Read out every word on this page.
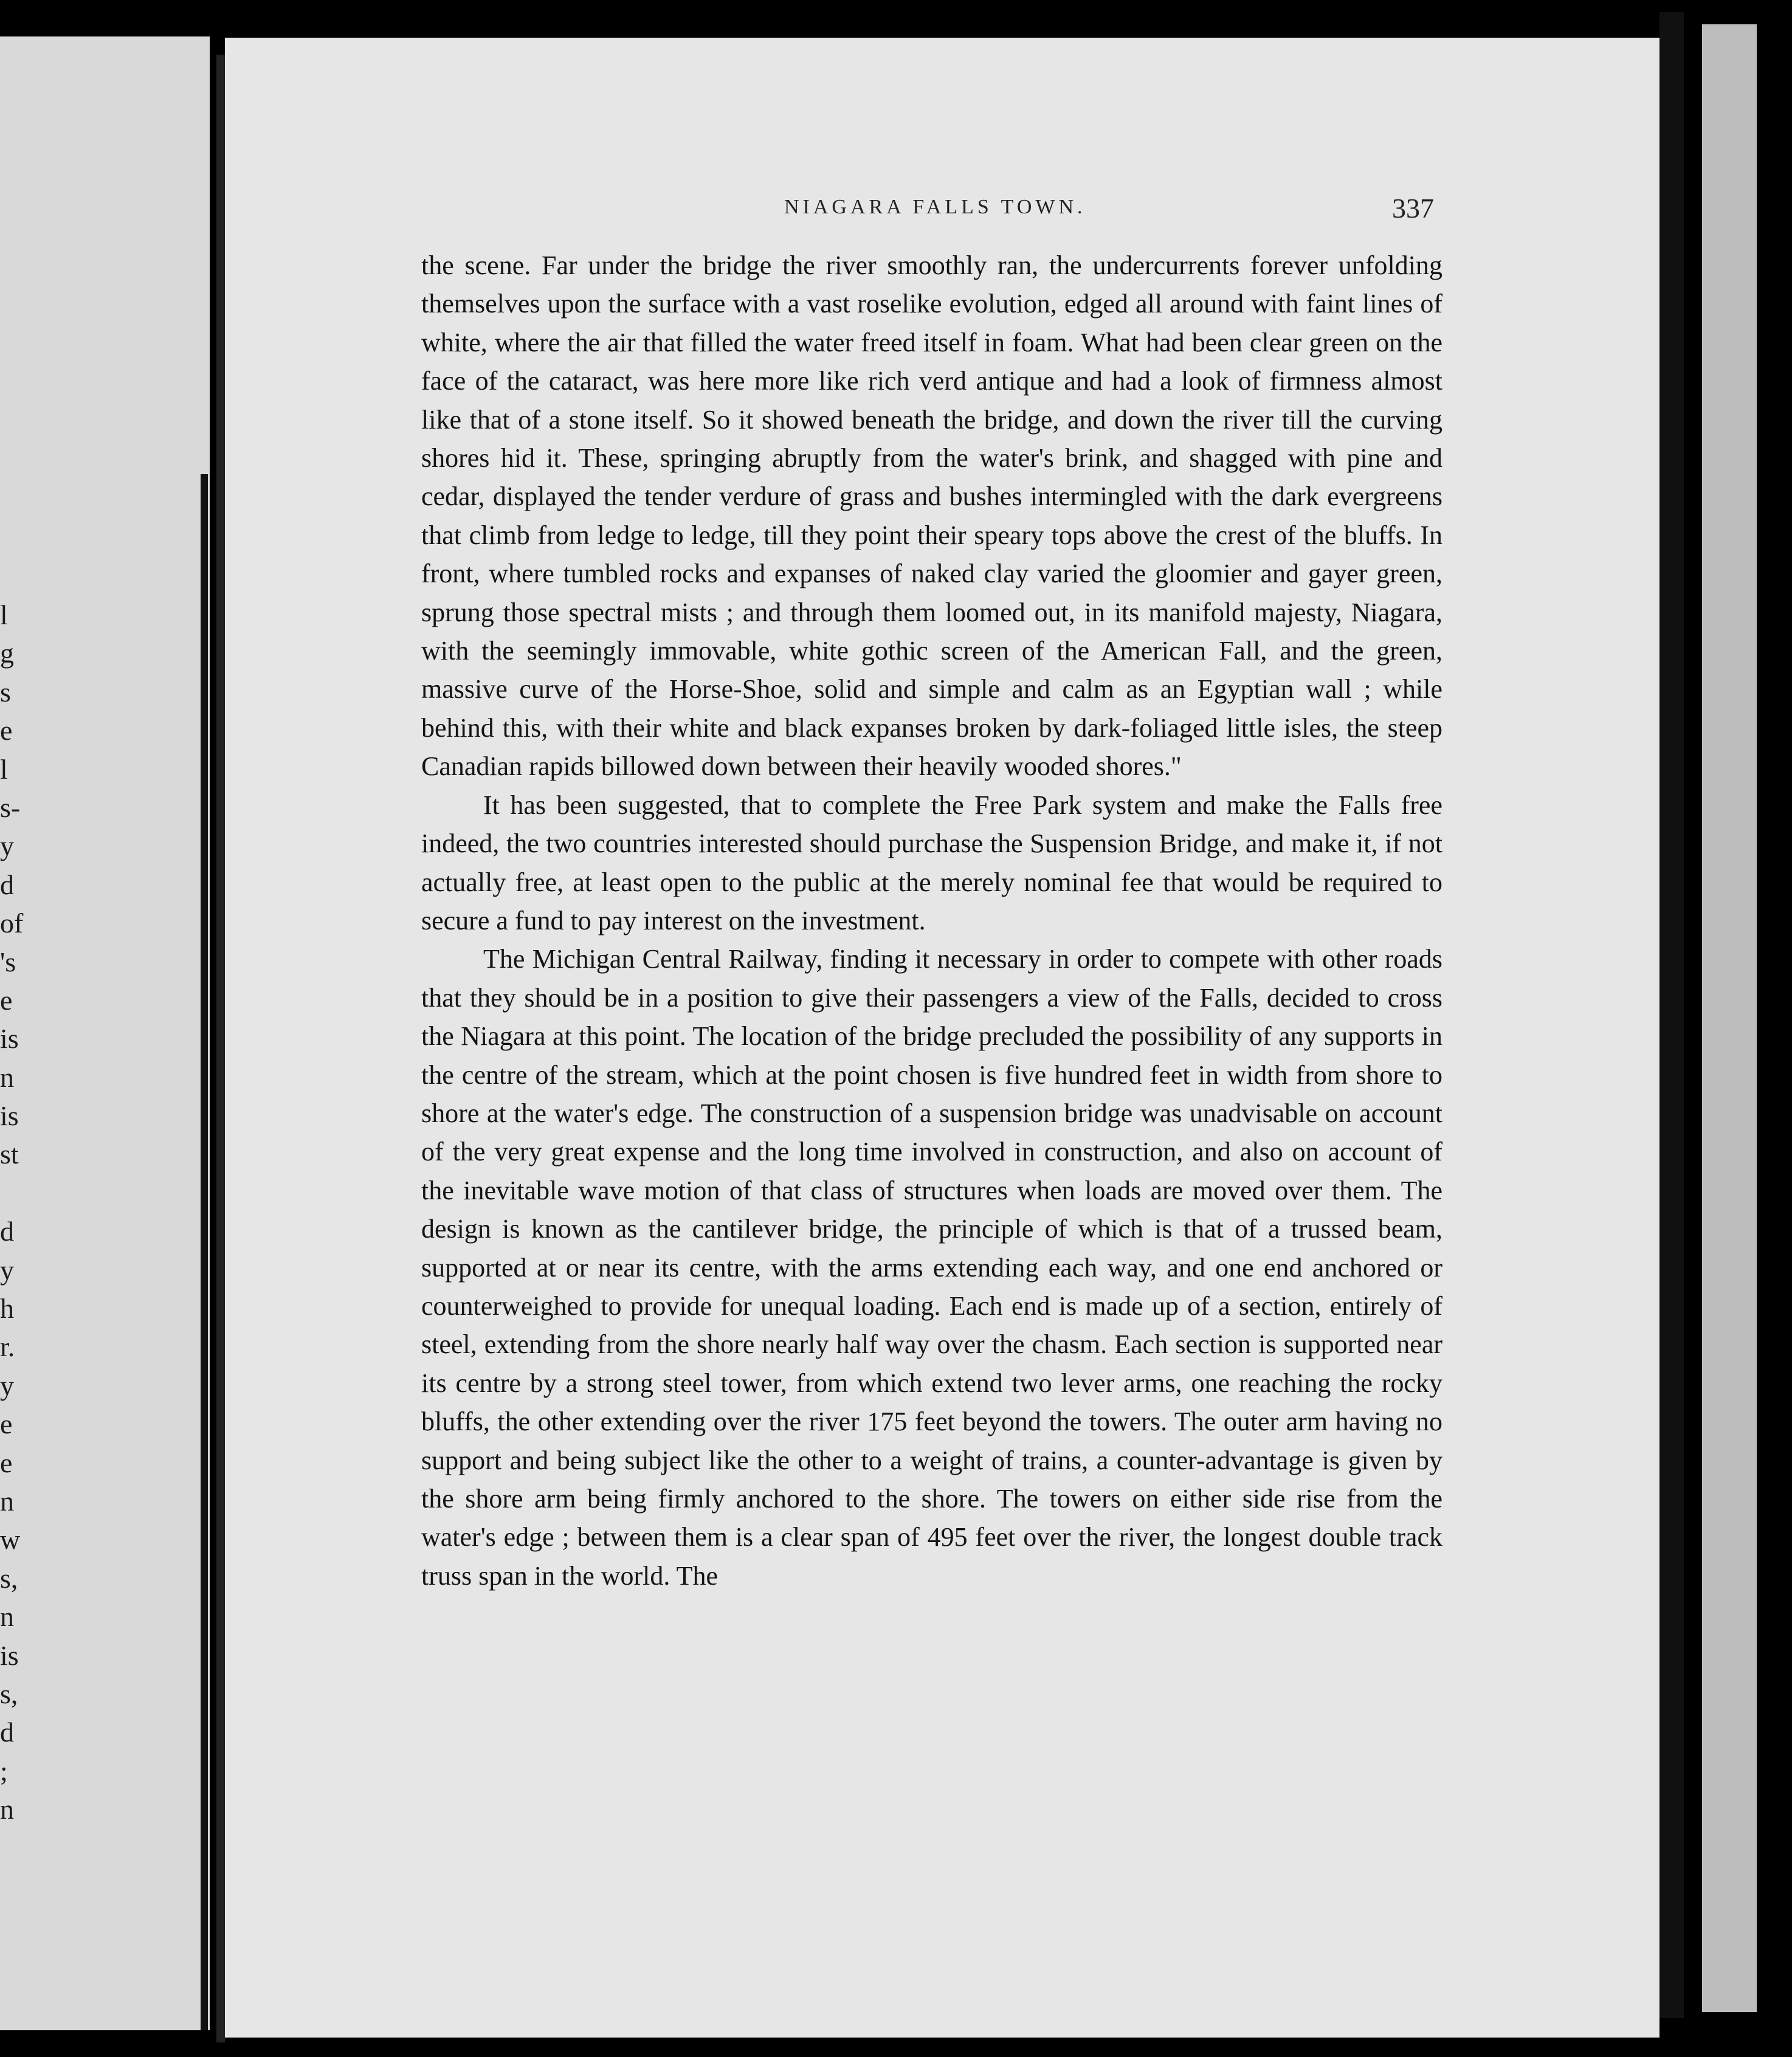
l
g
s
e
l
s-
y
d
of
's
e
is
n
is
st
d
y
h
r.
y
e
e
n
w
s,
n
is
s,
d
;
n
NIAGARA FALLS TOWN.	337

the scene. Far under the bridge the river smoothly ran, the undercurrents forever unfolding themselves upon the surface with a vast roselike evolution, edged all around with faint lines of white, where the air that filled the water freed itself in foam. What had been clear green on the face of the cataract, was here more like rich verd antique and had a look of firmness almost like that of a stone itself. So it showed beneath the bridge, and down the river till the curving shores hid it. These, springing abruptly from the water's brink, and shagged with pine and cedar, displayed the tender verdure of grass and bushes intermingled with the dark evergreens that climb from ledge to ledge, till they point their speary tops above the crest of the bluffs. In front, where tumbled rocks and expanses of naked clay varied the gloomier and gayer green, sprung those spectral mists ; and through them loomed out, in its manifold majesty, Niagara, with the seemingly immovable, white gothic screen of the American Fall, and the green, massive curve of the Horse-Shoe, solid and simple and calm as an Egyptian wall ; while behind this, with their white and black expanses broken by dark-foliaged little isles, the steep Canadian rapids billowed down between their heavily wooded shores."

It has been suggested, that to complete the Free Park system and make the Falls free indeed, the two countries interested should purchase the Suspension Bridge, and make it, if not actually free, at least open to the public at the merely nominal fee that would be required to secure a fund to pay interest on the investment.

The Michigan Central Railway, finding it necessary in order to compete with other roads that they should be in a position to give their passengers a view of the Falls, decided to cross the Niagara at this point. The location of the bridge precluded the possibility of any supports in the centre of the stream, which at the point chosen is five hundred feet in width from shore to shore at the water's edge. The construction of a suspension bridge was unadvisable on account of the very great expense and the long time involved in construction, and also on account of the inevitable wave motion of that class of structures when loads are moved over them. The design is known as the cantilever bridge, the principle of which is that of a trussed beam, supported at or near its centre, with the arms extending each way, and one end anchored or counterweighed to provide for unequal loading. Each end is made up of a section, entirely of steel, extending from the shore nearly half way over the chasm. Each section is supported near its centre by a strong steel tower, from which extend two lever arms, one reaching the rocky bluffs, the other extending over the river 175 feet beyond the towers. The outer arm having no support and being subject like the other to a weight of trains, a counter-advantage is given by the shore arm being firmly anchored to the shore. The towers on either side rise from the water's edge ; between them is a clear span of 495 feet over the river, the longest double track truss span in the world. The
